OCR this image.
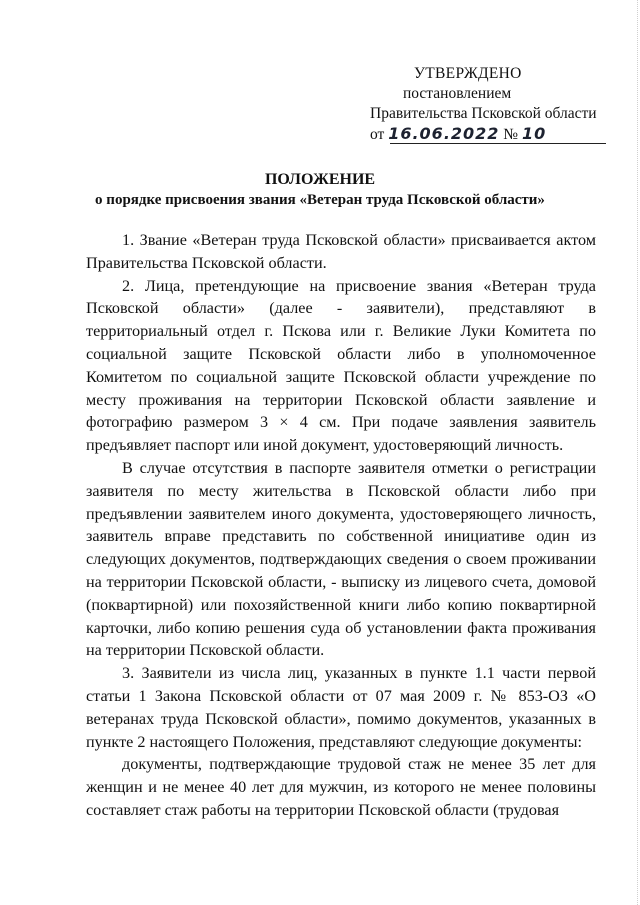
УТВЕРЖДЕНО
постановлением
Правительства Псковской области
от 16.06.2022 № 10
ПОЛОЖЕНИЕ
о порядке присвоения звания «Ветеран труда Псковской области»

1. Звание «Ветеран труда Псковской области» присваивается актом Правительства Псковской области.

2. Лица, претендующие на присвоение звания «Ветеран труда Псковской области» (далее - заявители), представляют в территориальный отдел г. Пскова или г. Великие Луки Комитета по социальной защите Псковской области либо в уполномоченное Комитетом по социальной защите Псковской области учреждение по месту проживания на территории Псковской области заявление и фотографию размером 3 × 4 см. При подаче заявления заявитель предъявляет паспорт или иной документ, удостоверяющий личность.

В случае отсутствия в паспорте заявителя отметки о регистрации заявителя по месту жительства в Псковской области либо при предъявлении заявителем иного документа, удостоверяющего личность, заявитель вправе представить по собственной инициативе один из следующих документов, подтверждающих сведения о своем проживании на территории Псковской области, - выписку из лицевого счета, домовой (поквартирной) или похозяйственной книги либо копию поквартирной карточки, либо копию решения суда об установлении факта проживания на территории Псковской области.

3. Заявители из числа лиц, указанных в пункте 1.1 части первой статьи 1 Закона Псковской области от 07 мая 2009 г. № 853-ОЗ «О ветеранах труда Псковской области», помимо документов, указанных в пункте 2 настоящего Положения, представляют следующие документы:

документы, подтверждающие трудовой стаж не менее 35 лет для женщин и не менее 40 лет для мужчин, из которого не менее половины составляет стаж работы на территории Псковской области (трудовая
